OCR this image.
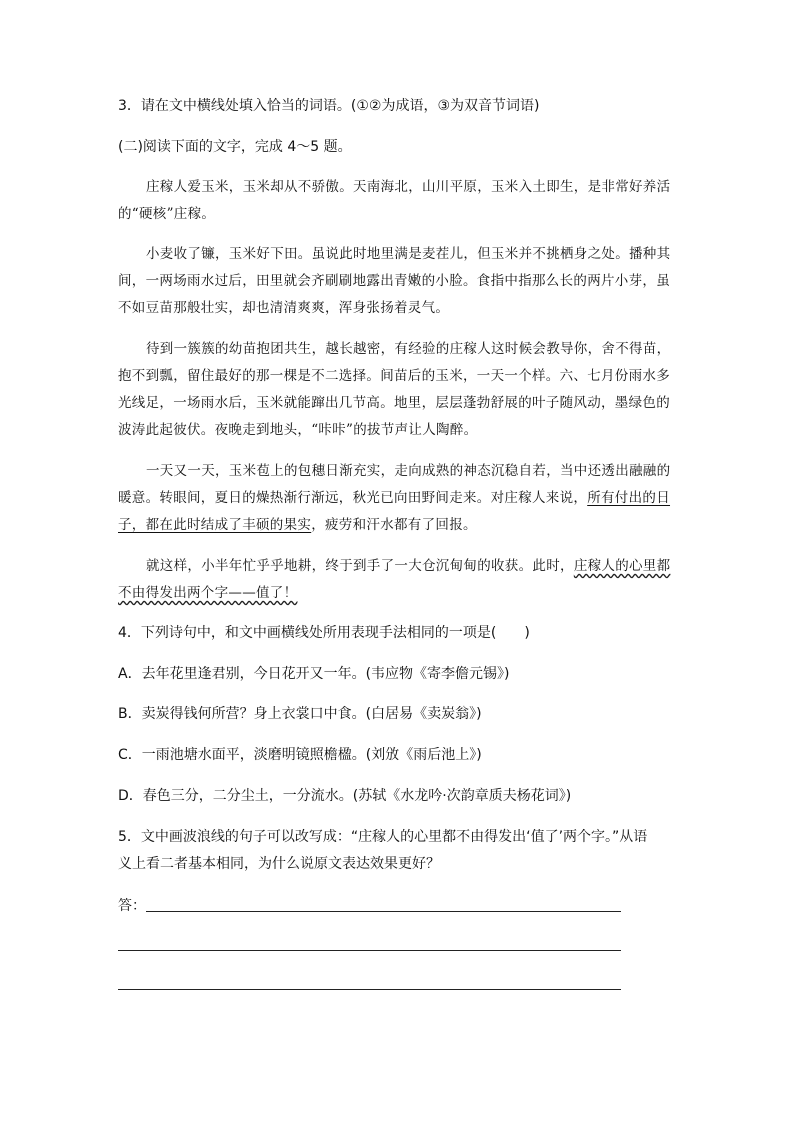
3．请在文中横线处填入恰当的词语。(①②为成语，③为双音节词语)
(二)阅读下面的文字，完成 4～5 题。
庄稼人爱玉米，玉米却从不骄傲。天南海北，山川平原，玉米入土即生，是非常好养活
的“硬核”庄稼。
小麦收了镰，玉米好下田。虽说此时地里满是麦茬儿，但玉米并不挑栖身之处。播种其
间，一两场雨水过后，田里就会齐刷刷地露出青嫩的小脸。食指中指那么长的两片小芽，虽
不如豆苗那般壮实，却也清清爽爽，浑身张扬着灵气。
待到一簇簇的幼苗抱团共生，越长越密，有经验的庄稼人这时候会教导你，舍不得苗，
抱不到瓢，留住最好的那一棵是不二选择。间苗后的玉米，一天一个样。六、七月份雨水多
光线足，一场雨水后，玉米就能蹿出几节高。地里，层层蓬勃舒展的叶子随风动，墨绿色的
波涛此起彼伏。夜晚走到地头，“咔咔”的拔节声让人陶醉。
一天又一天，玉米苞上的包穗日渐充实，走向成熟的神态沉稳自若，当中还透出融融的
暖意。转眼间，夏日的燥热渐行渐远，秋光已向田野间走来。对庄稼人来说，所有付出的日
子，都在此时结成了丰硕的果实，疲劳和汗水都有了回报。
就这样，小半年忙乎乎地耕，终于到手了一大仓沉甸甸的收获。此时，庄稼人的心里都
不由得发出两个字——值了！
4．下列诗句中，和文中画横线处所用表现手法相同的一项是(　　)
A．去年花里逢君别，今日花开又一年。(韦应物《寄李儋元锡》)
B．卖炭得钱何所营？身上衣裳口中食。(白居易《卖炭翁》)
C．一雨池塘水面平，淡磨明镜照檐楹。(刘攽《雨后池上》)
D．春色三分，二分尘土，一分流水。(苏轼《水龙吟·次韵章质夫杨花词》)
5．文中画波浪线的句子可以改写成：“庄稼人的心里都不由得发出‘值了’两个字。”从语
义上看二者基本相同，为什么说原文表达效果更好？
答：
